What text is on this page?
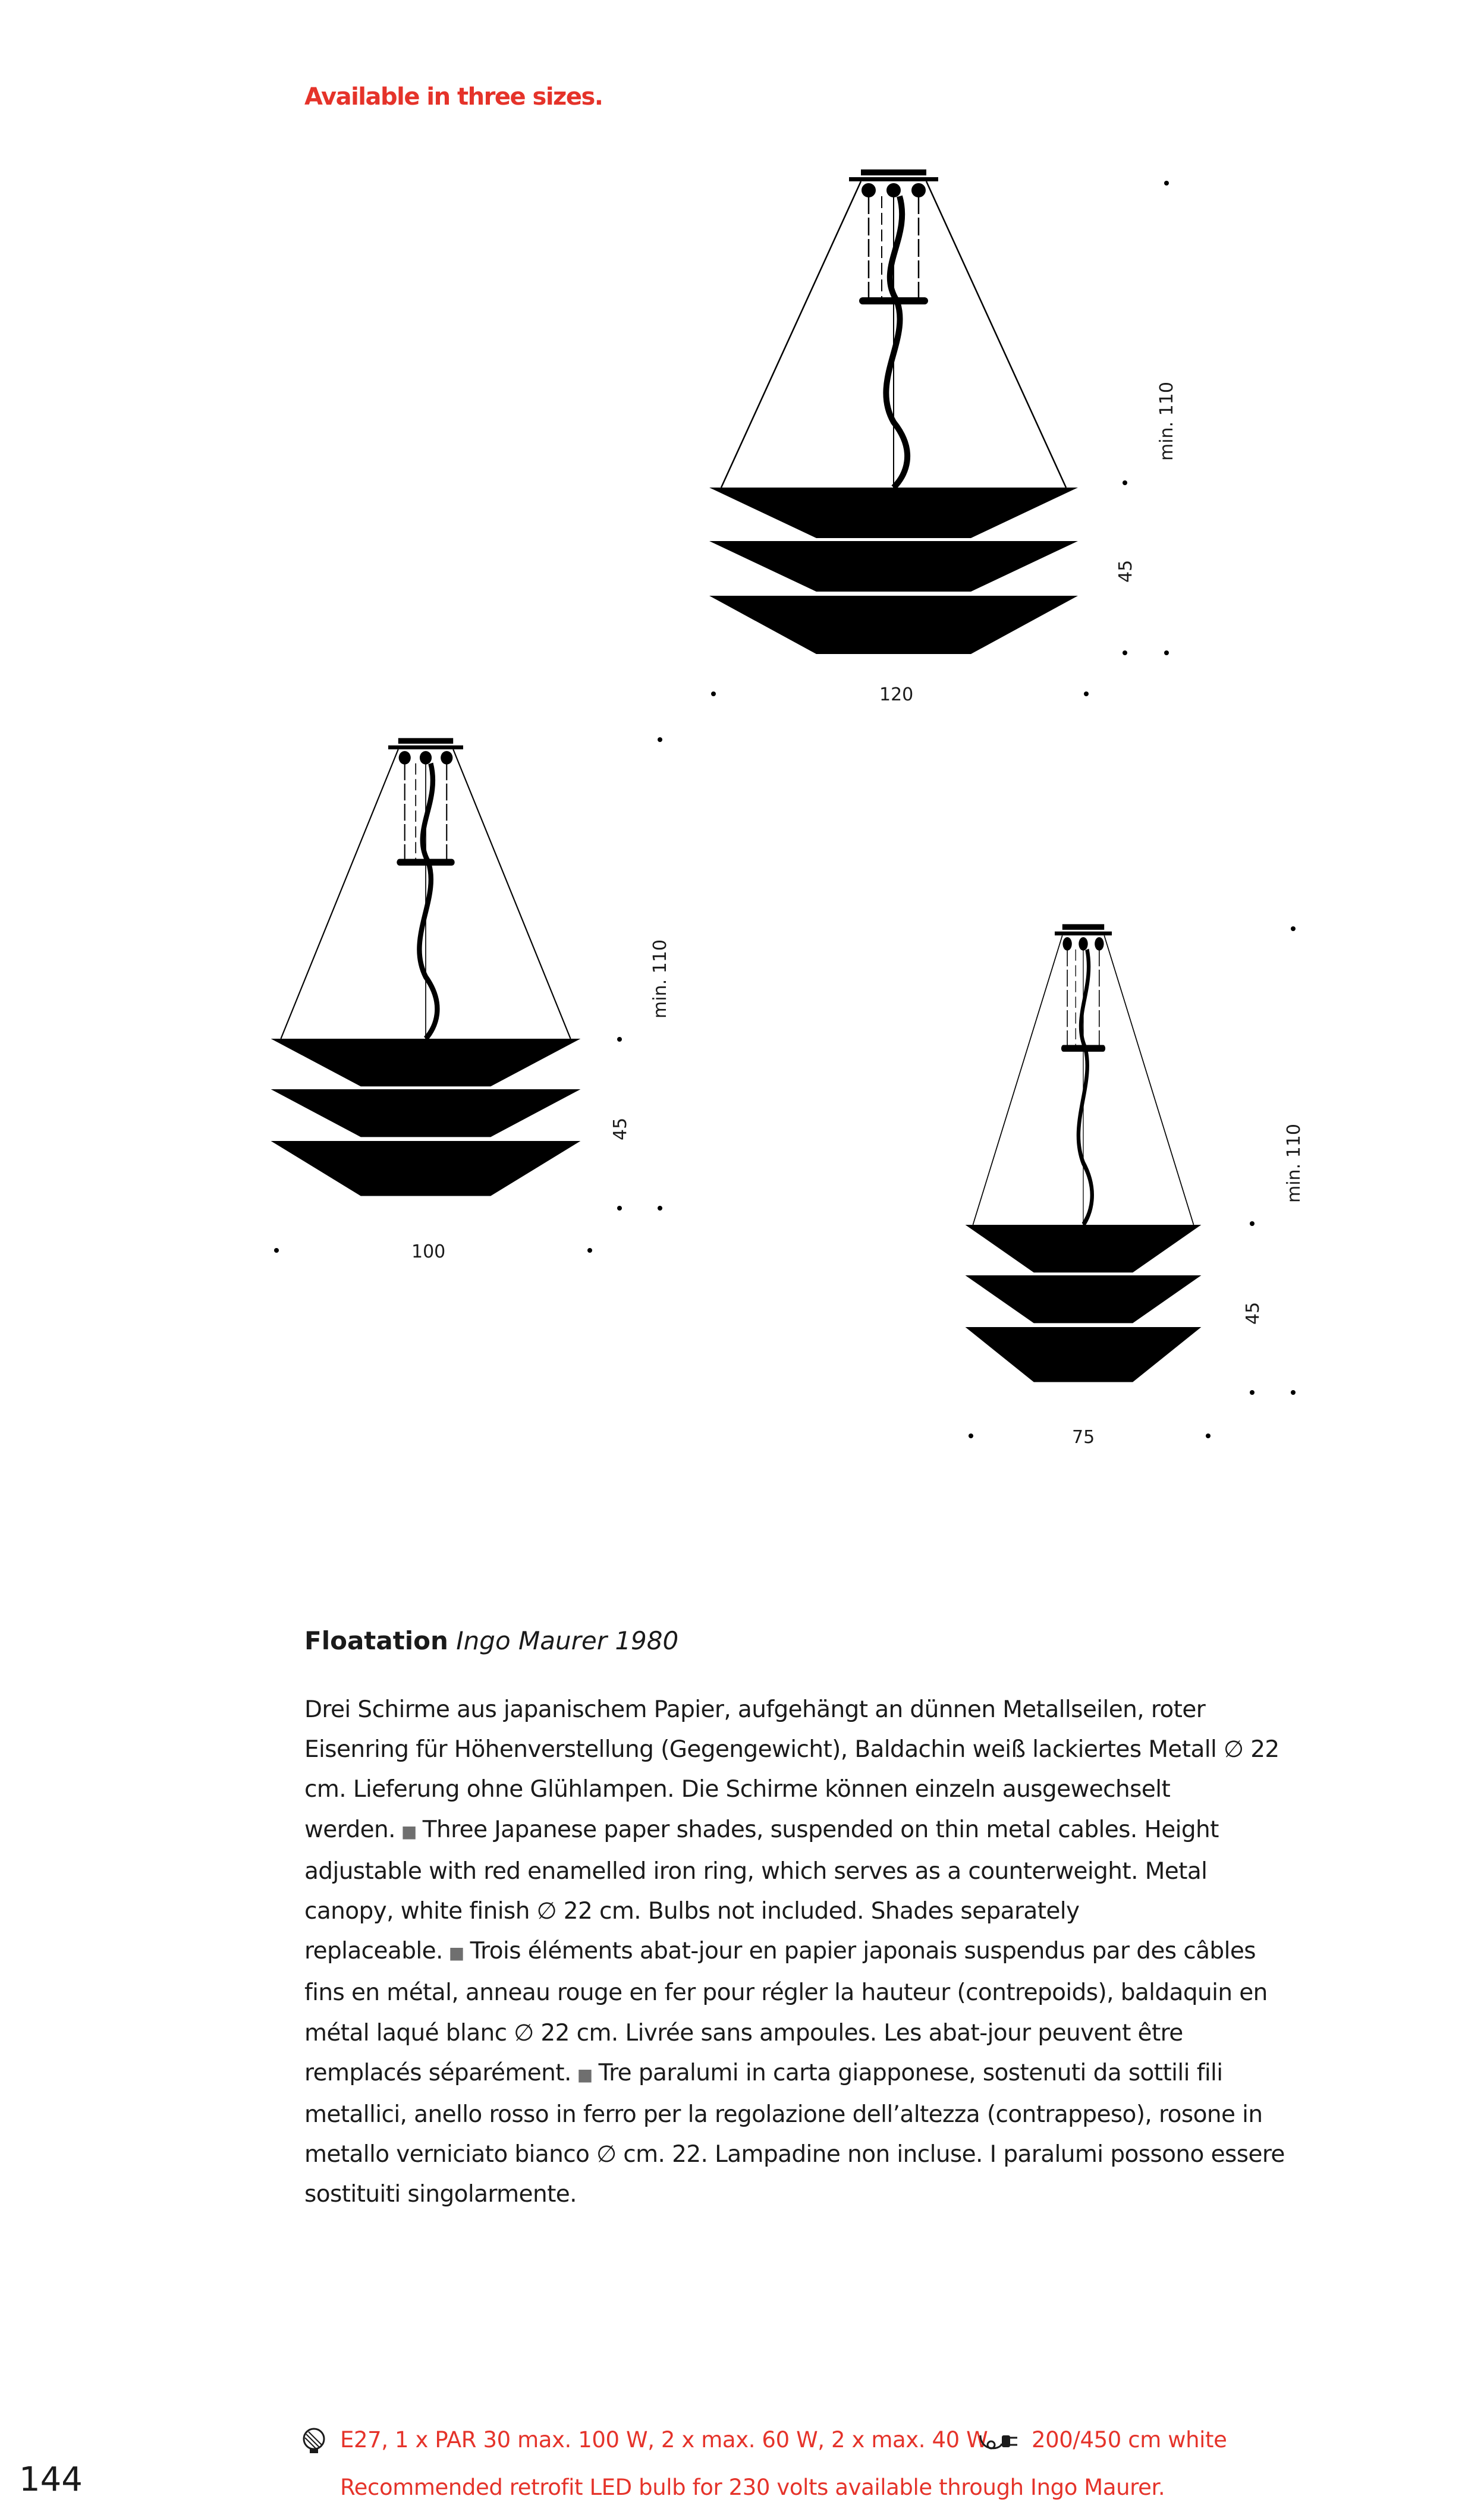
Available in three sizes.
min. 110
45
120
min. 110
45
100
min. 110
45
75
Floatation Ingo Maurer 1980
Drei Schirme aus japanischem Papier, aufgehängt an dünnen Metallseilen, roter Eisenring für Höhenverstellung (Gegengewicht), Baldachin weiß lackiertes Metall ∅ 22 cm. Lieferung ohne Glühlampen. Die Schirme können einzeln ausgewechselt werden. ■ Three Japanese paper shades, suspended on thin metal cables. Height adjustable with red enamelled iron ring, which serves as a counterweight. Metal canopy, white finish ∅ 22 cm. Bulbs not included. Shades separately replaceable. ■ Trois éléments abat-jour en papier japonais suspendus par des câbles fins en métal, anneau rouge en fer pour régler la hauteur (contrepoids), baldaquin en métal laqué blanc ∅ 22 cm. Livrée sans ampoules. Les abat-jour peuvent être remplacés séparément. ■ Tre paralumi in carta giapponese, sostenuti da sottili fili metallici, anello rosso in ferro per la regolazione dell’altezza (contrappeso), rosone in metallo verniciato bianco ∅ cm. 22. Lampadine non incluse. I paralumi possono essere sostituiti singolarmente.
E27, 1 x PAR 30 max. 100 W, 2 x max. 60 W, 2 x max. 40 W 200/450 cm white
Recommended retrofit LED bulb for 230 volts available through Ingo Maurer.
144
